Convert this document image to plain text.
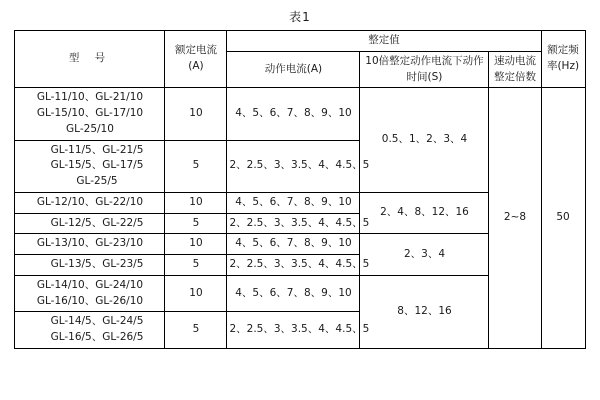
表1
型 号	额定电流(A)	整定值			额定频率(Hz)
		动作电流(A)	10倍整定动作电流下动作时间(S)	速动电流整定倍数	

GL-11/10、GL-21/10
GL-15/10、GL-17/10
GL-25/10	10	4、5、6、7、8、9、10	0.5、1、2、3、4	2~8	50

GL-11/5、GL-21/5
GL-15/5、GL-17/5
GL-25/5	5	2、2.5、3、3.5、4、4.5、5			

GL-12/10、GL-22/10	10	4、5、6、7、8、9、10	2、4、8、12、16		

GL-12/5、GL-22/5	5	2、2.5、3、3.5、4、4.5、5			

GL-13/10、GL-23/10	10	4、5、6、7、8、9、10	2、3、4		

GL-13/5、GL-23/5	5	2、2.5、3、3.5、4、4.5、5			

GL-14/10、GL-24/10
GL-16/10、GL-26/10	10	4、5、6、7、8、9、10	8、12、16		

GL-14/5、GL-24/5
GL-16/5、GL-26/5	5	2、2.5、3、3.5、4、4.5、5			
